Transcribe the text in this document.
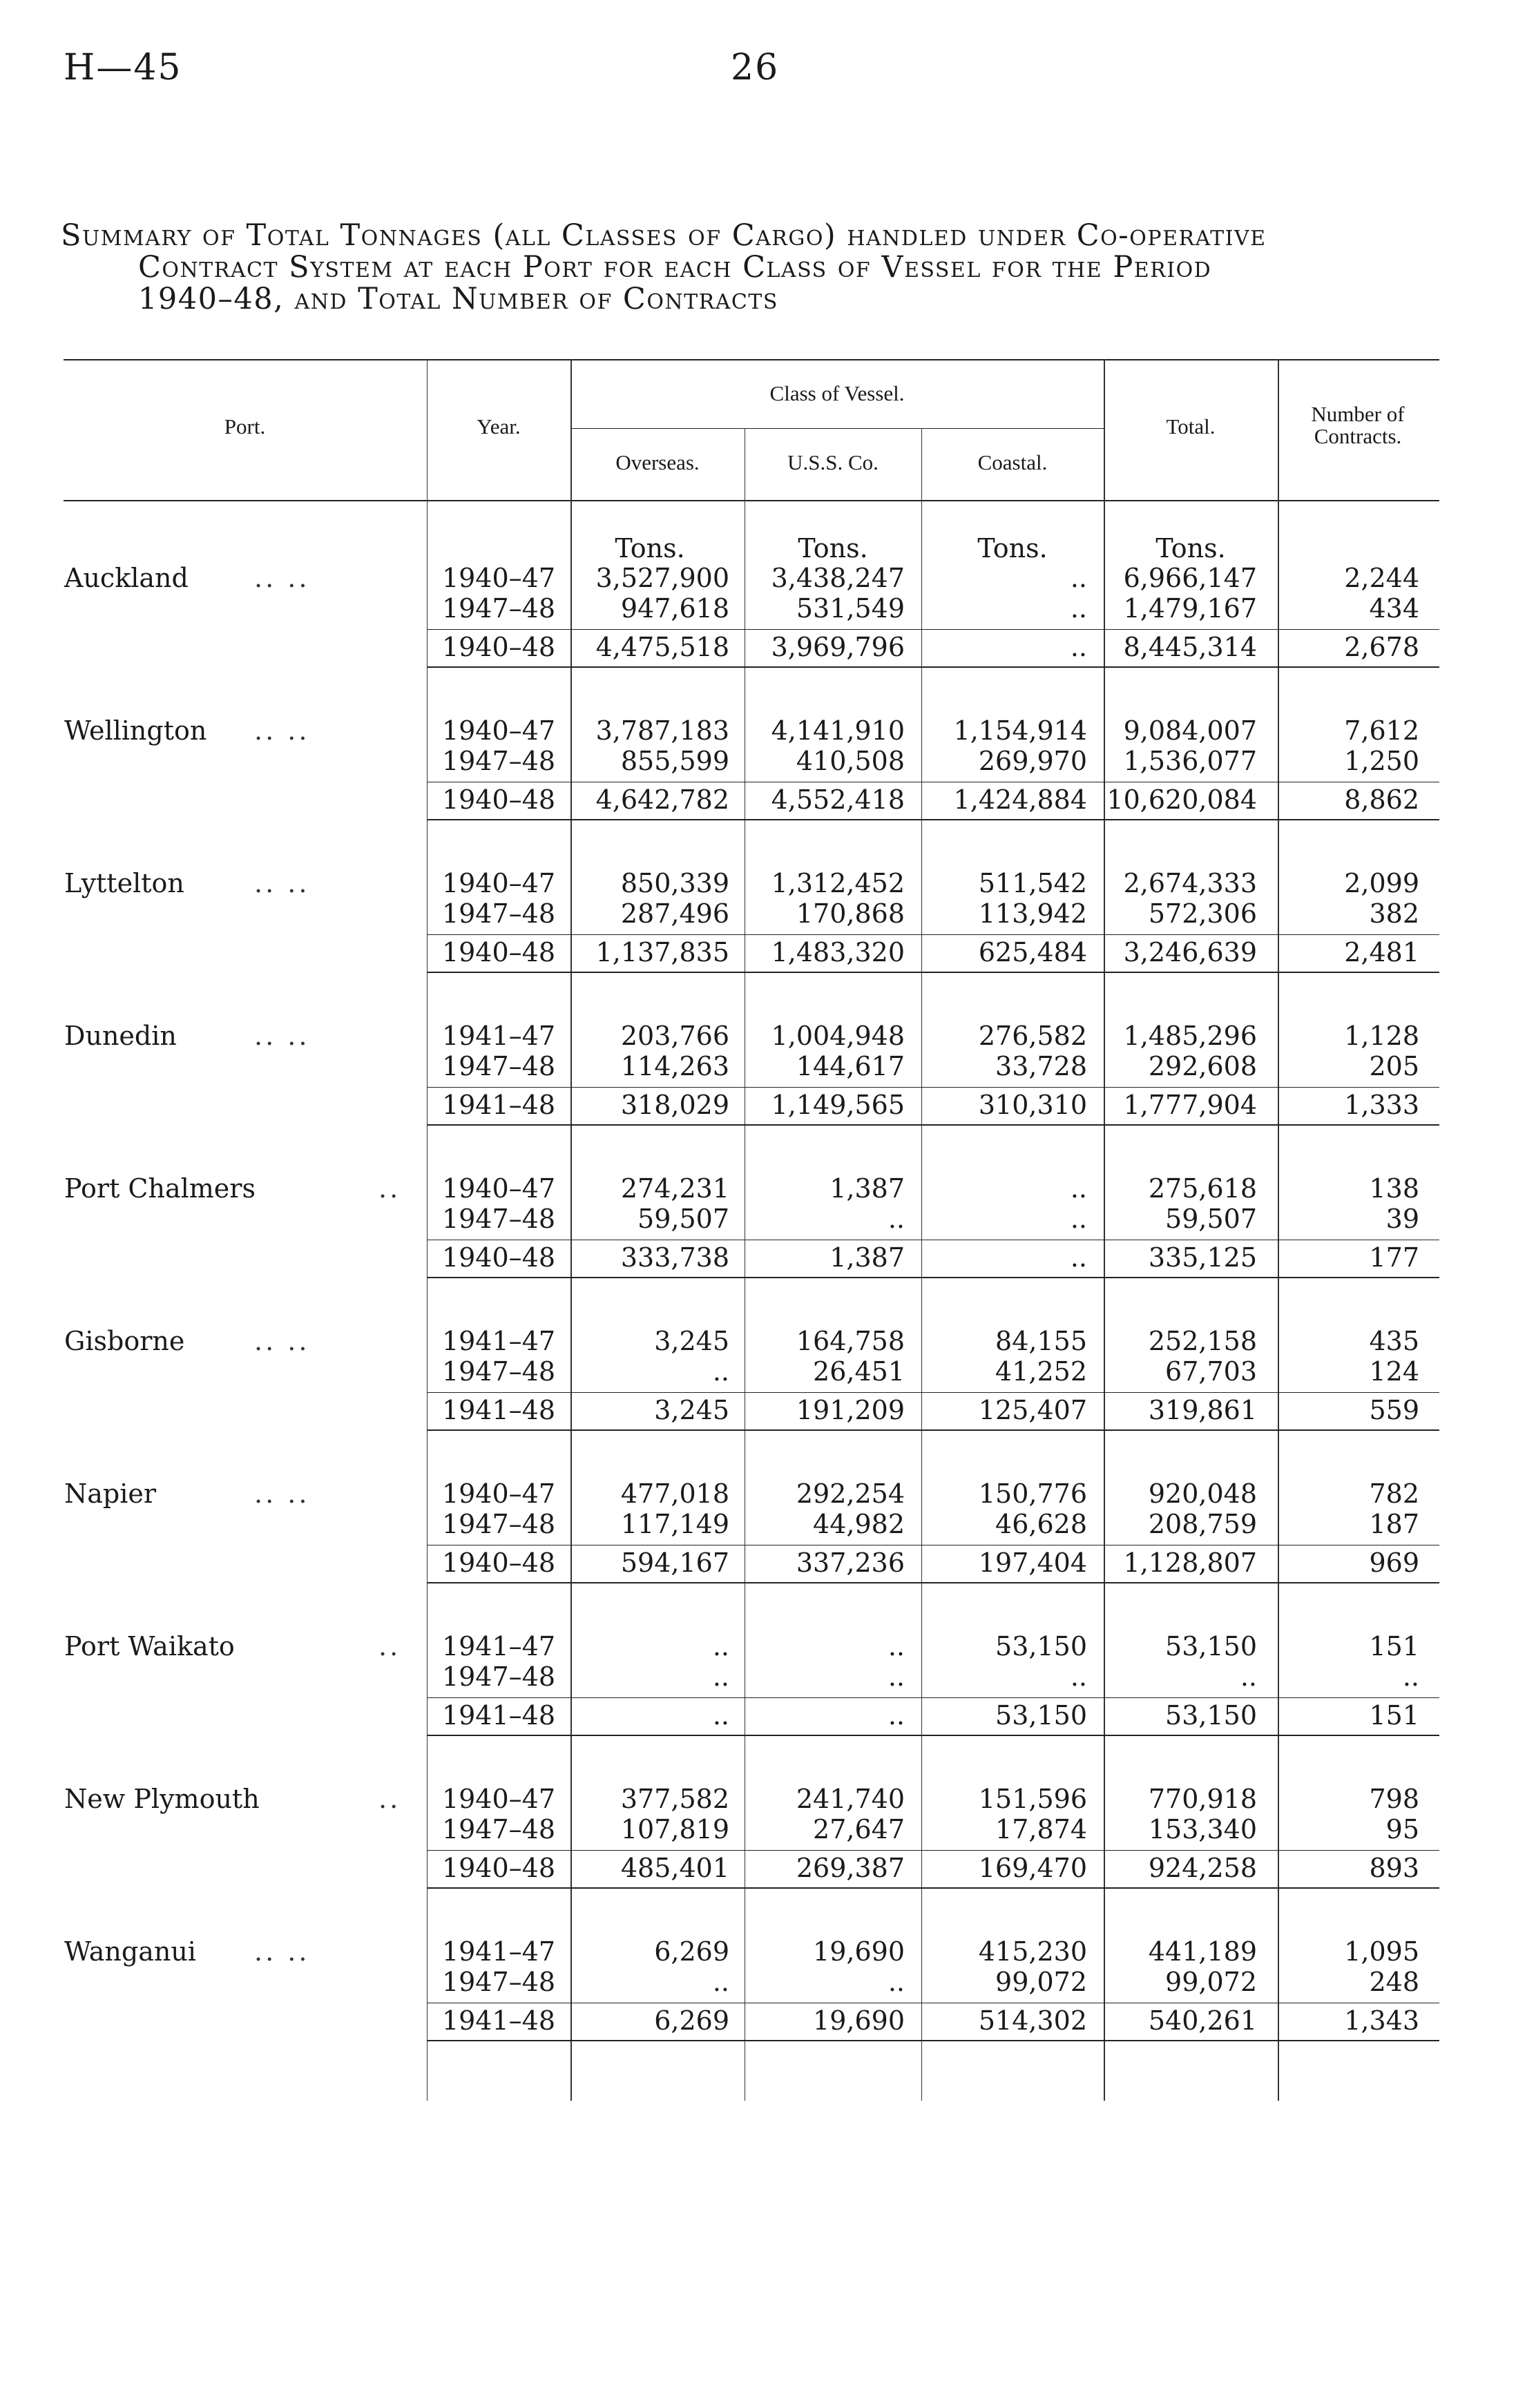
H—45	26
Summary of Total Tonnages (all Classes of Cargo) handled under Co-operative
Contract System at each Port for each Class of Vessel for the Period
1940–48, and Total Number of Contracts
Port.	Year.
Class of Vessel.
Overseas.	U.S.S. Co.	Coastal.
Total.
Number of
Contracts.
Tons.	Tons.	Tons.	Tons.
Auckland	.. ..	1940–47	3,527,900	3,438,247	..	6,966,147	2,244
1947–48	947,618	531,549	..	1,479,167	434
1940–48	4,475,518	3,969,796	..	8,445,314	2,678
Wellington	.. ..	1940–47	3,787,183	4,141,910	1,154,914	9,084,007	7,612
1947–48	855,599	410,508	269,970	1,536,077	1,250
1940–48	4,642,782	4,552,418	1,424,884 10,620,084	8,862
Lyttelton	.. ..	1940–47	850,339	1,312,452	511,542	2,674,333	2,099
1947–48	287,496	170,868	113,942	572,306	382
1940–48	1,137,835	1,483,320	625,484	3,246,639	2,481
Dunedin	.. ..	1941–47	203,766	1,004,948	276,582	1,485,296	1,128
1947–48	114,263	144,617	33,728	292,608	205
1941–48	318,029	1,149,565	310,310	1,777,904	1,333
Port Chalmers	..	1940–47	274,231	1,387	..	275,618	138
1947–48	59,507	..	..	59,507	39
1940–48	333,738	1,387	..	335,125	177
Gisborne	.. ..	1941–47	3,245	164,758	84,155	252,158	435
1947–48	..	26,451	41,252	67,703	124
1941–48	3,245	191,209	125,407	319,861	559
Napier	.. ..	1940–47	477,018	292,254	150,776	920,048	782
1947–48	117,149	44,982	46,628	208,759	187
1940–48	594,167	337,236	197,404	1,128,807	969
Port Waikato	..	1941–47	..	..	53,150	53,150	151
1947–48	..	..	..	..	..
1941–48	..	..	53,150	53,150	151
New Plymouth	..	1940–47	377,582	241,740	151,596	770,918	798
1947–48	107,819	27,647	17,874	153,340	95
1940–48	485,401	269,387	169,470	924,258	893
Wanganui	.. ..	1941–47	6,269	19,690	415,230	441,189	1,095
1947–48	..	..	99,072	99,072	248
1941–48	6,269	19,690	514,302	540,261	1,343
